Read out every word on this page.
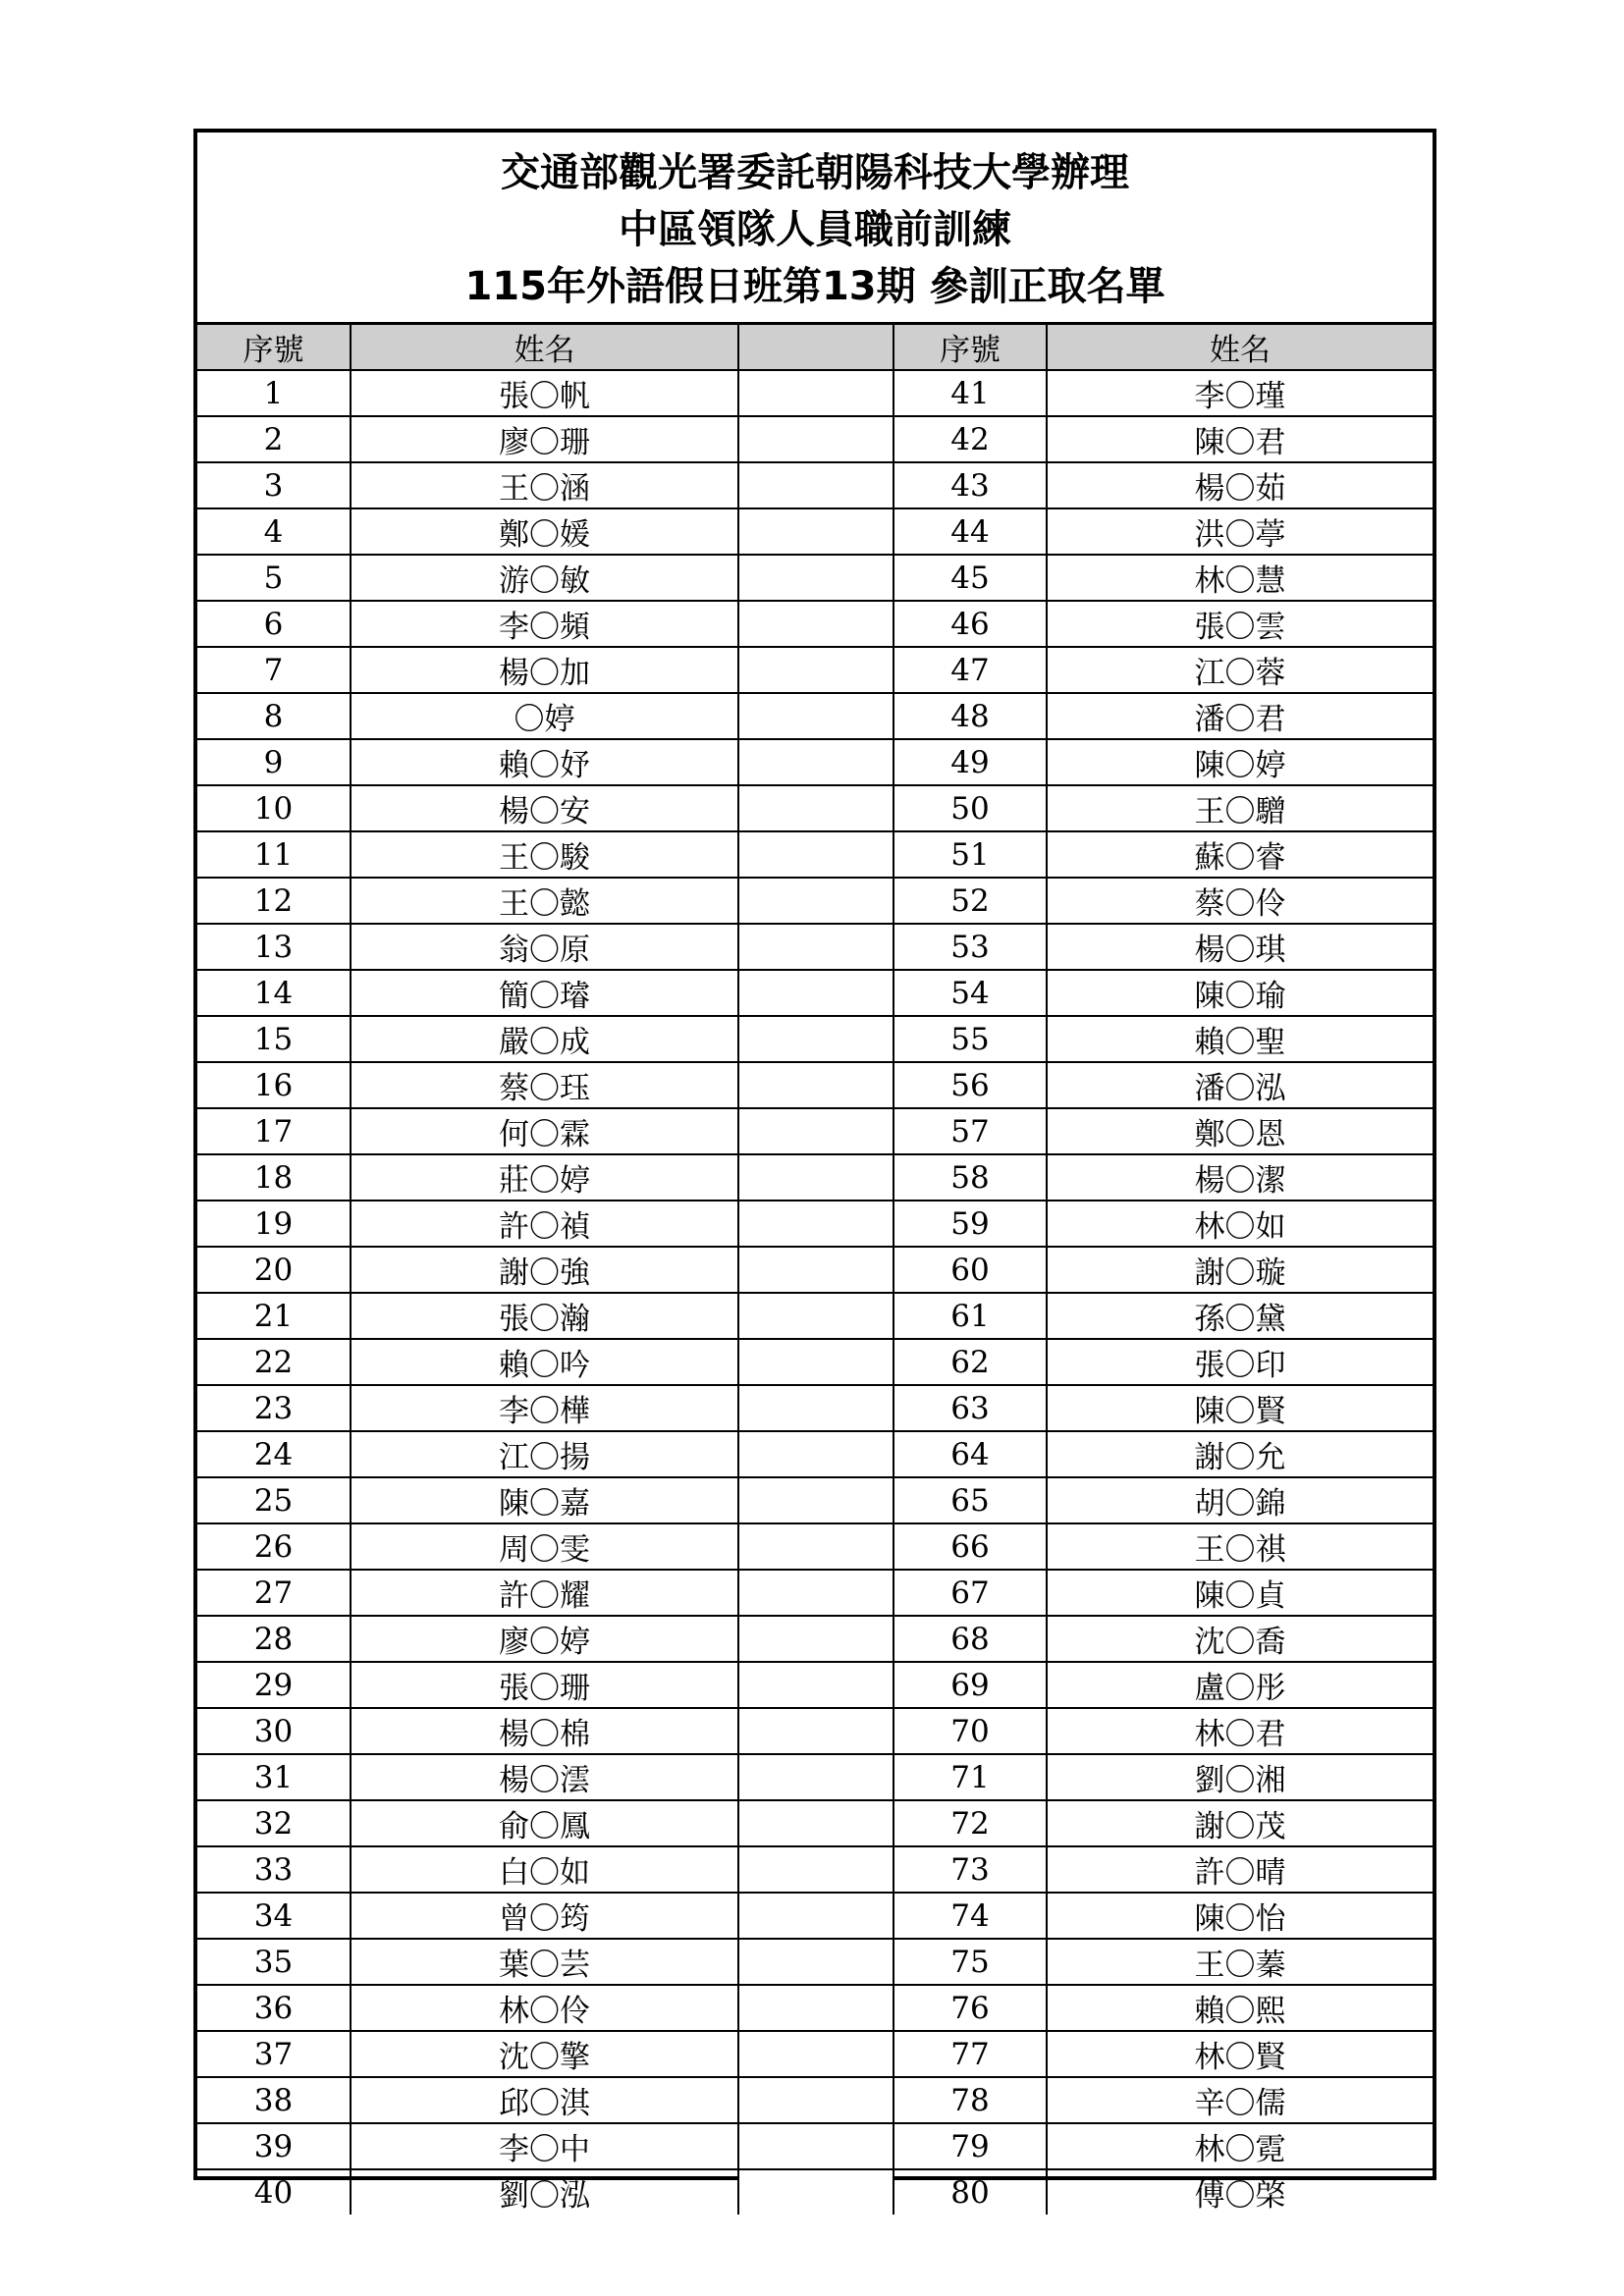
交通部觀光署委託朝陽科技大學辦理
中區領隊人員職前訓練
115年外語假日班第13期 參訓正取名單
序號	姓名		序號	姓名
1	張〇帆		41	李〇瑾
2	廖〇珊		42	陳〇君
3	王〇涵		43	楊〇茹
4	鄭〇媛		44	洪〇葶
5	游〇敏		45	林〇慧
6	李〇頻		46	張〇雲
7	楊〇加		47	江〇蓉
8	〇婷		48	潘〇君
9	賴〇妤		49	陳〇婷
10	楊〇安		50	王〇驓
11	王〇駿		51	蘇〇睿
12	王〇懿		52	蔡〇伶
13	翁〇原		53	楊〇琪
14	簡〇璿		54	陳〇瑜
15	嚴〇成		55	賴〇聖
16	蔡〇珏		56	潘〇泓
17	何〇霖		57	鄭〇恩
18	莊〇婷		58	楊〇潔
19	許〇禎		59	林〇如
20	謝〇強		60	謝〇璇
21	張〇瀚		61	孫〇黛
22	賴〇吟		62	張〇印
23	李〇樺		63	陳〇賢
24	江〇揚		64	謝〇允
25	陳〇嘉		65	胡〇錦
26	周〇雯		66	王〇祺
27	許〇耀		67	陳〇貞
28	廖〇婷		68	沈〇喬
29	張〇珊		69	盧〇彤
30	楊〇棉		70	林〇君
31	楊〇澐		71	劉〇湘
32	俞〇鳳		72	謝〇茂
33	白〇如		73	許〇晴
34	曾〇筠		74	陳〇怡
35	葉〇芸		75	王〇蓁
36	林〇伶		76	賴〇熙
37	沈〇擎		77	林〇賢
38	邱〇淇		78	辛〇儒
39	李〇中		79	林〇霓
40	劉〇泓		80	傅〇棨
